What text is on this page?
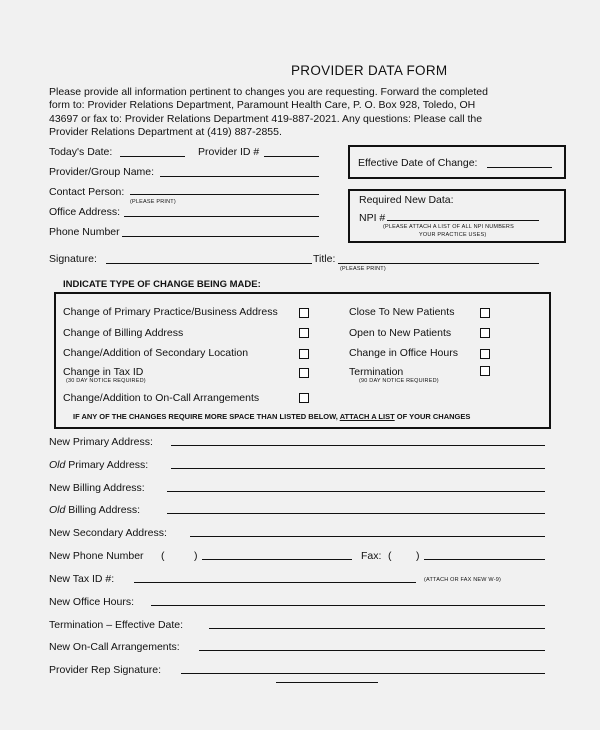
PROVIDER DATA FORM
Please provide all information pertinent to changes you are requesting. Forward the completed
form to: Provider Relations Department, Paramount Health Care, P. O. Box 928, Toledo, OH
43697 or fax to: Provider Relations Department 419-887-2021. Any questions: Please call the
Provider Relations Department at (419) 887-2855.
Today's Date:	Provider ID #
Provider/Group Name:
Contact Person:
(PLEASE PRINT)
Office Address:
Phone Number
Effective Date of Change:
Required New Data:
NPI #
(PLEASE ATTACH A LIST OF ALL NPI NUMBERS
YOUR PRACTICE USES)
Signature:	Title:
(PLEASE PRINT)
INDICATE TYPE OF CHANGE BEING MADE:
Change of Primary Practice/Business Address
Change of Billing Address
Change/Addition of Secondary Location
Change in Tax ID
(30 DAY NOTICE REQUIRED)
Change/Addition to On-Call Arrangements
Close To New Patients
Open to New Patients
Change in Office Hours
Termination
(90 DAY NOTICE REQUIRED)
IF ANY OF THE CHANGES REQUIRE MORE SPACE THAN LISTED BELOW, ATTACH A LIST OF YOUR CHANGES
New Primary Address:
Old Primary Address:
New Billing Address:
Old Billing Address:
New Secondary Address:
New Phone Number (	)	Fax: ( )
New Tax ID #:	(ATTACH OR FAX NEW W-9)
New Office Hours:
Termination – Effective Date:
New On-Call Arrangements:
Provider Rep Signature:
